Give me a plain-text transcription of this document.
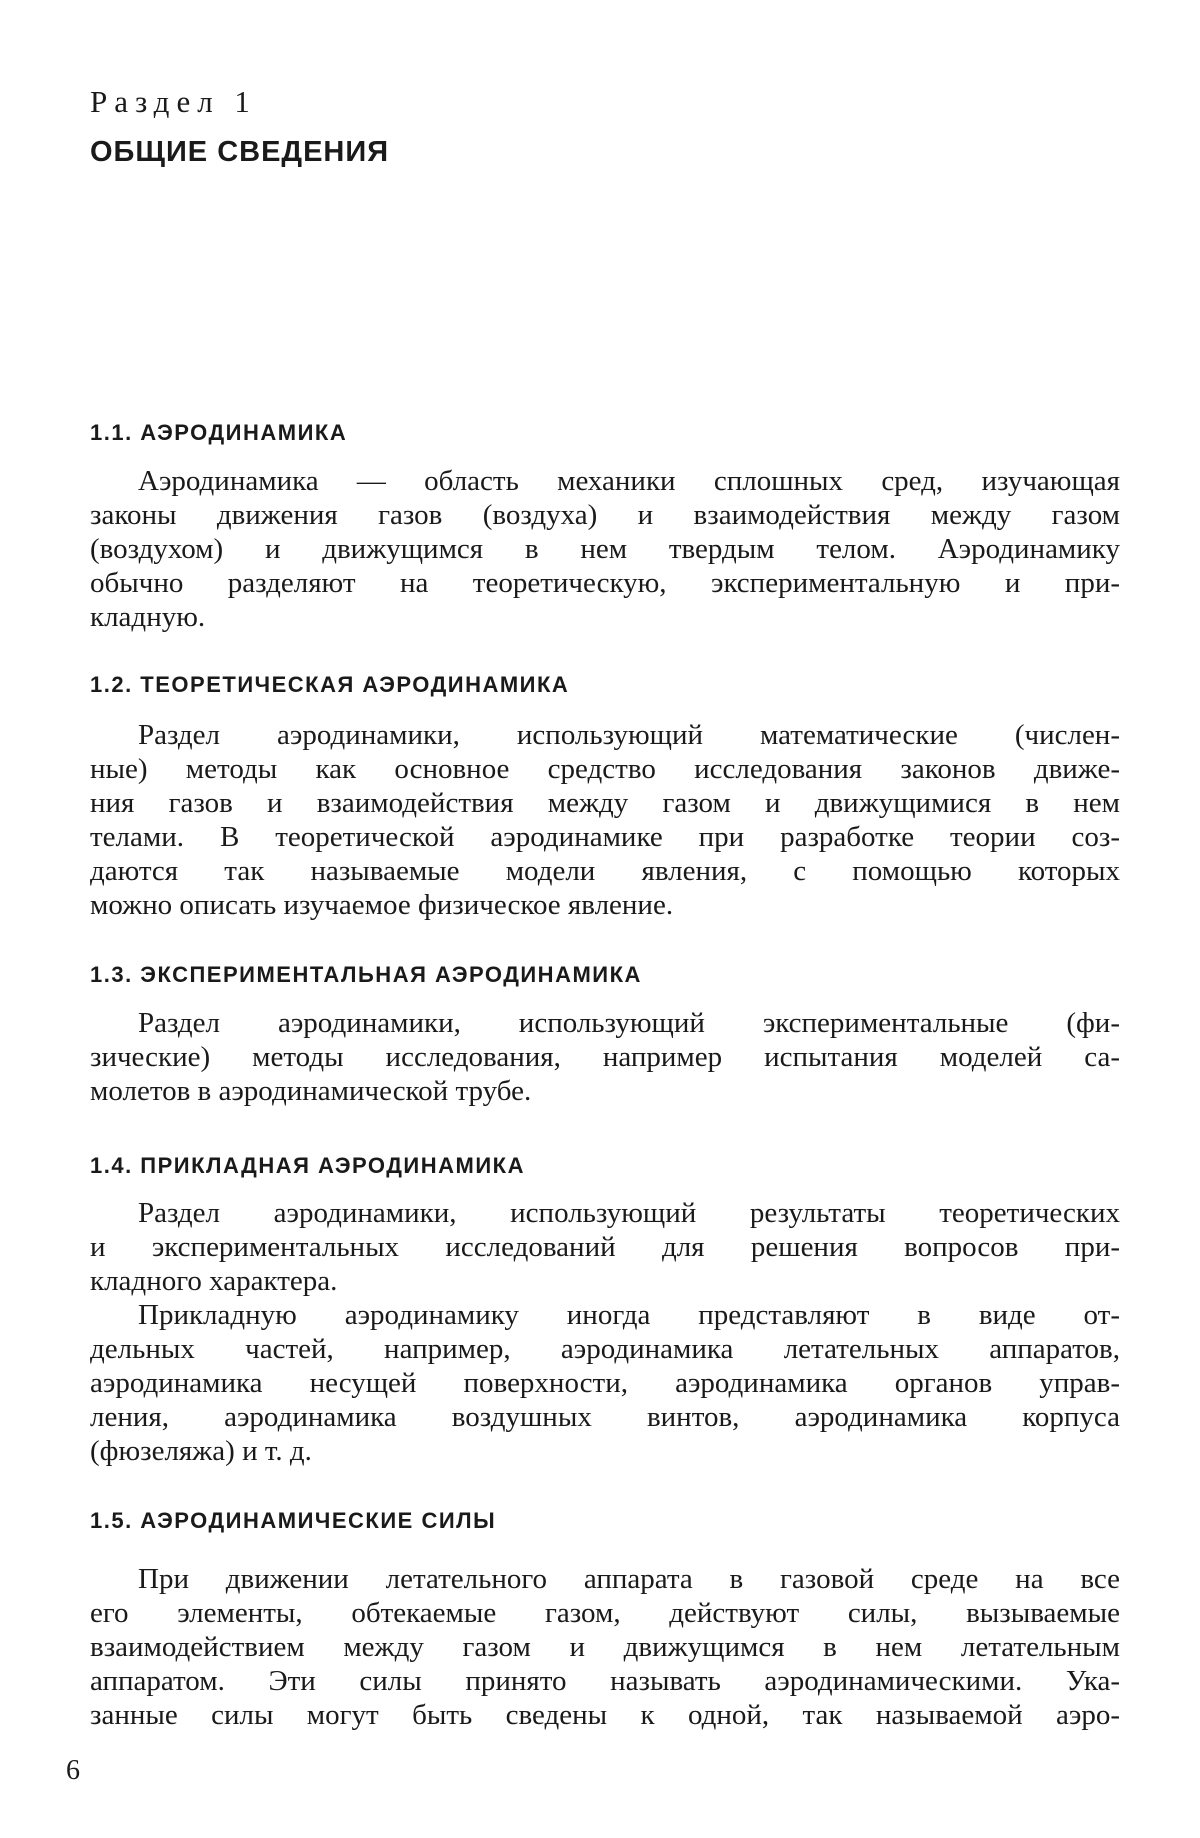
Раздел 1

ОБЩИЕ СВЕДЕНИЯ
1.1. АЭРОДИНАМИКА
Аэродинамика — область механики сплошных сред, изучающая
законы движения газов (воздуха) и взаимодействия между газом
(воздухом) и движущимся в нем твердым телом. Аэродинамику
обычно разделяют на теоретическую, экспериментальную и при-
кладную.
1.2. ТЕОРЕТИЧЕСКАЯ АЭРОДИНАМИКА
Раздел аэродинамики, использующий математические (числен-
ные) методы как основное средство исследования законов движе-
ния газов и взаимодействия между газом и движущимися в нем
телами. В теоретической аэродинамике при разработке теории соз-
даются так называемые модели явления, с помощью которых
можно описать изучаемое физическое явление.
1.3. ЭКСПЕРИМЕНТАЛЬНАЯ АЭРОДИНАМИКА
Раздел аэродинамики, использующий экспериментальные (фи-
зические) методы исследования, например испытания моделей са-
молетов в аэродинамической трубе.
1.4. ПРИКЛАДНАЯ АЭРОДИНАМИКА
Раздел аэродинамики, использующий результаты теоретических
и экспериментальных исследований для решения вопросов при-
кладного характера.
Прикладную аэродинамику иногда представляют в виде от-
дельных частей, например, аэродинамика летательных аппаратов,
аэродинамика несущей поверхности, аэродинамика органов управ-
ления, аэродинамика воздушных винтов, аэродинамика корпуса
(фюзеляжа) и т. д.
1.5. АЭРОДИНАМИЧЕСКИЕ СИЛЫ
При движении летательного аппарата в газовой среде на все
его элементы, обтекаемые газом, действуют силы, вызываемые
взаимодействием между газом и движущимся в нем летательным
аппаратом. Эти силы принято называть аэродинамическими. Ука-
занные силы могут быть сведены к одной, так называемой аэро-

6
